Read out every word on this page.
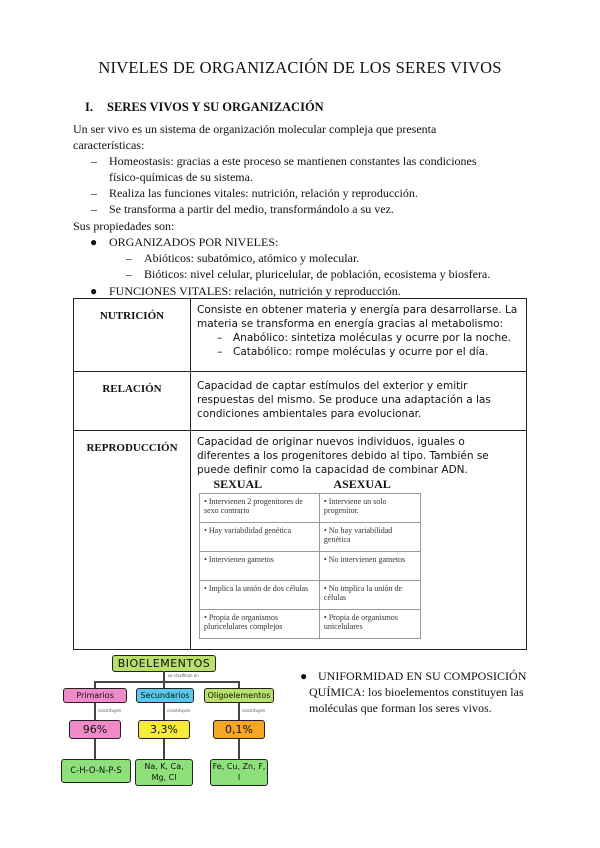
NIVELES DE ORGANIZACIÓN DE LOS SERES VIVOS
I. SERES VIVOS Y SU ORGANIZACIÓN
Un ser vivo es un sistema de organización molecular compleja que presenta
características:
– Homeostasis: gracias a este proceso se mantienen constantes las condiciones
físico-químicas de su sistema.
– Realiza las funciones vitales: nutrición, relación y reproducción.
– Se transforma a partir del medio, transformándolo a su vez.
Sus propiedades son:
● ORGANIZADOS POR NIVELES:
– Abióticos: subatómico, atómico y molecular.
– Bióticos: nivel celular, pluricelular, de población, ecosistema y biosfera.
● FUNCIONES VITALES: relación, nutrición y reproducción.
NUTRICIÓN	Consiste en obtener materia y energía para desarrollarse. La materia se transforma en energía gracias al metabolismo:
– Anabólico: sintetiza moléculas y ocurre por la noche.
– Catabólico: rompe moléculas y ocurre por el día.

RELACIÓN	Capacidad de captar estímulos del exterior y emitir respuestas del mismo. Se produce una adaptación a las condiciones ambientales para evolucionar.
REPRODUCCIÓN	Capacidad de originar nuevos individuos, iguales o diferentes a los progenitores debido al tipo. También se puede definir como la capacidad de combinar ADN.
SEXUAL	ASEXUAL
• Intervienen 2 progenitores de sexo contrario	• Interviene un solo progenitor.
• Hay variabilidad genética	• No hay variabilidad genética
• Intervienen gametos	• No intervienen gametos
• Implica la unión de dos células	• No implica la unión de células
• Propia de organismos pluricelulares complejos	• Propia de organismos unicelulares
BIOELEMENTOS
se clasifican en
Primarios	Secundarios	Oligoelementos
constituyen	constituyen	constituyen
96%	3,3%	0,1%
C-H-O-N-P-S	Na, K, Ca, Mg, Cl
Fe, Cu, Zn, F, I
● UNIFORMIDAD EN SU COMPOSICIÓN
QUÍMICA: los bioelementos constituyen las
moléculas que forman los seres vivos.
